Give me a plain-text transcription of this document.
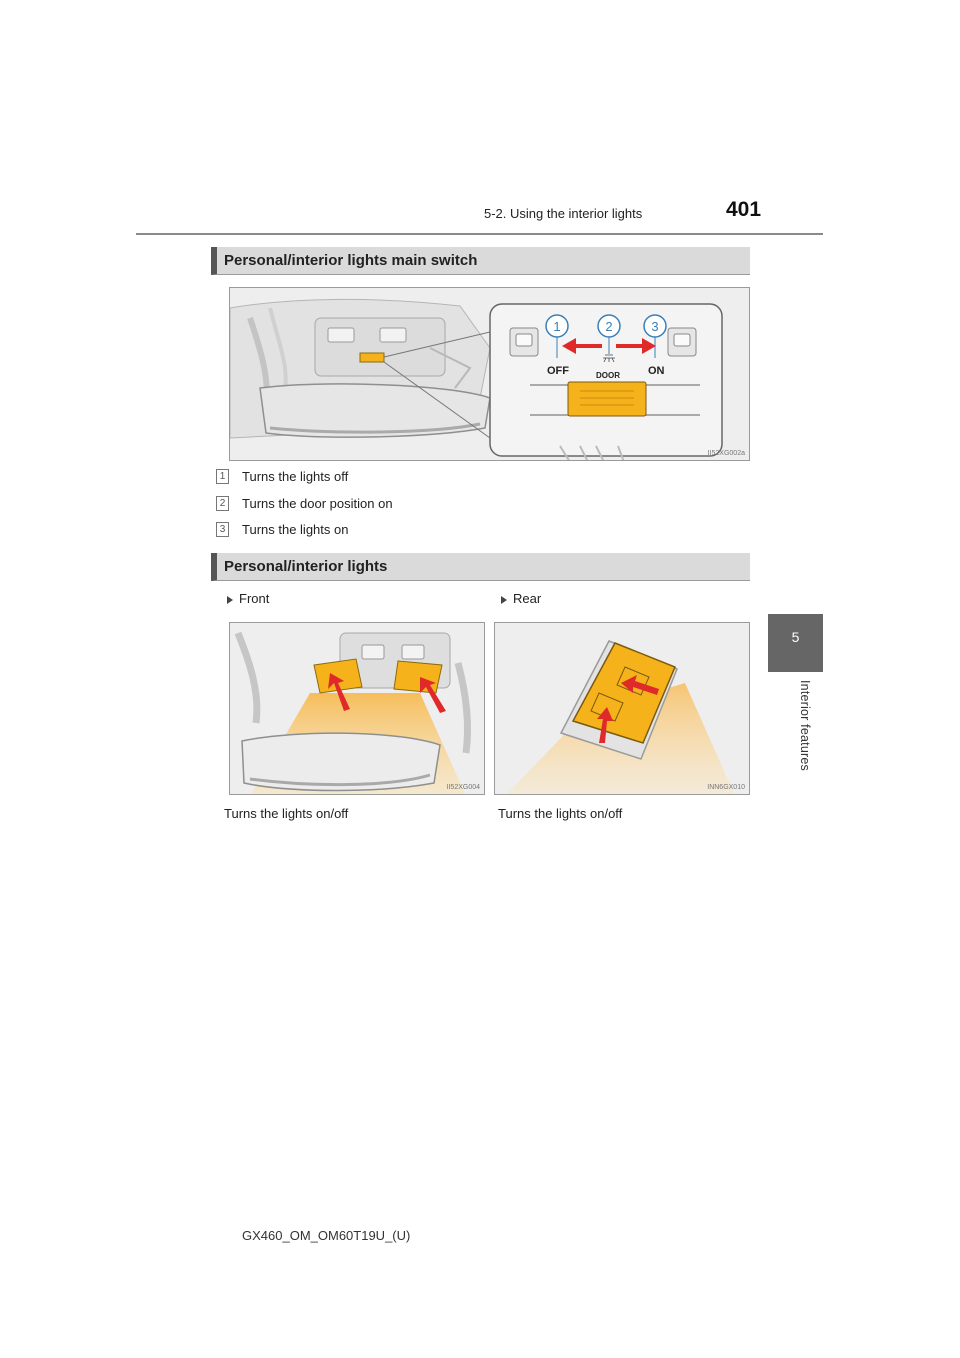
5-2. Using the interior lights	401
5
Interior features
Personal/interior lights main switch
1	2	3
OFF	DOOR	ON
II52XG002a
1 Turns the lights off
2 Turns the door position on
3 Turns the lights on
Personal/interior lights
Front	Rear
II52XG004	INN6GX010
Turns the lights on/off	Turns the lights on/off
GX460_OM_OM60T19U_(U)
